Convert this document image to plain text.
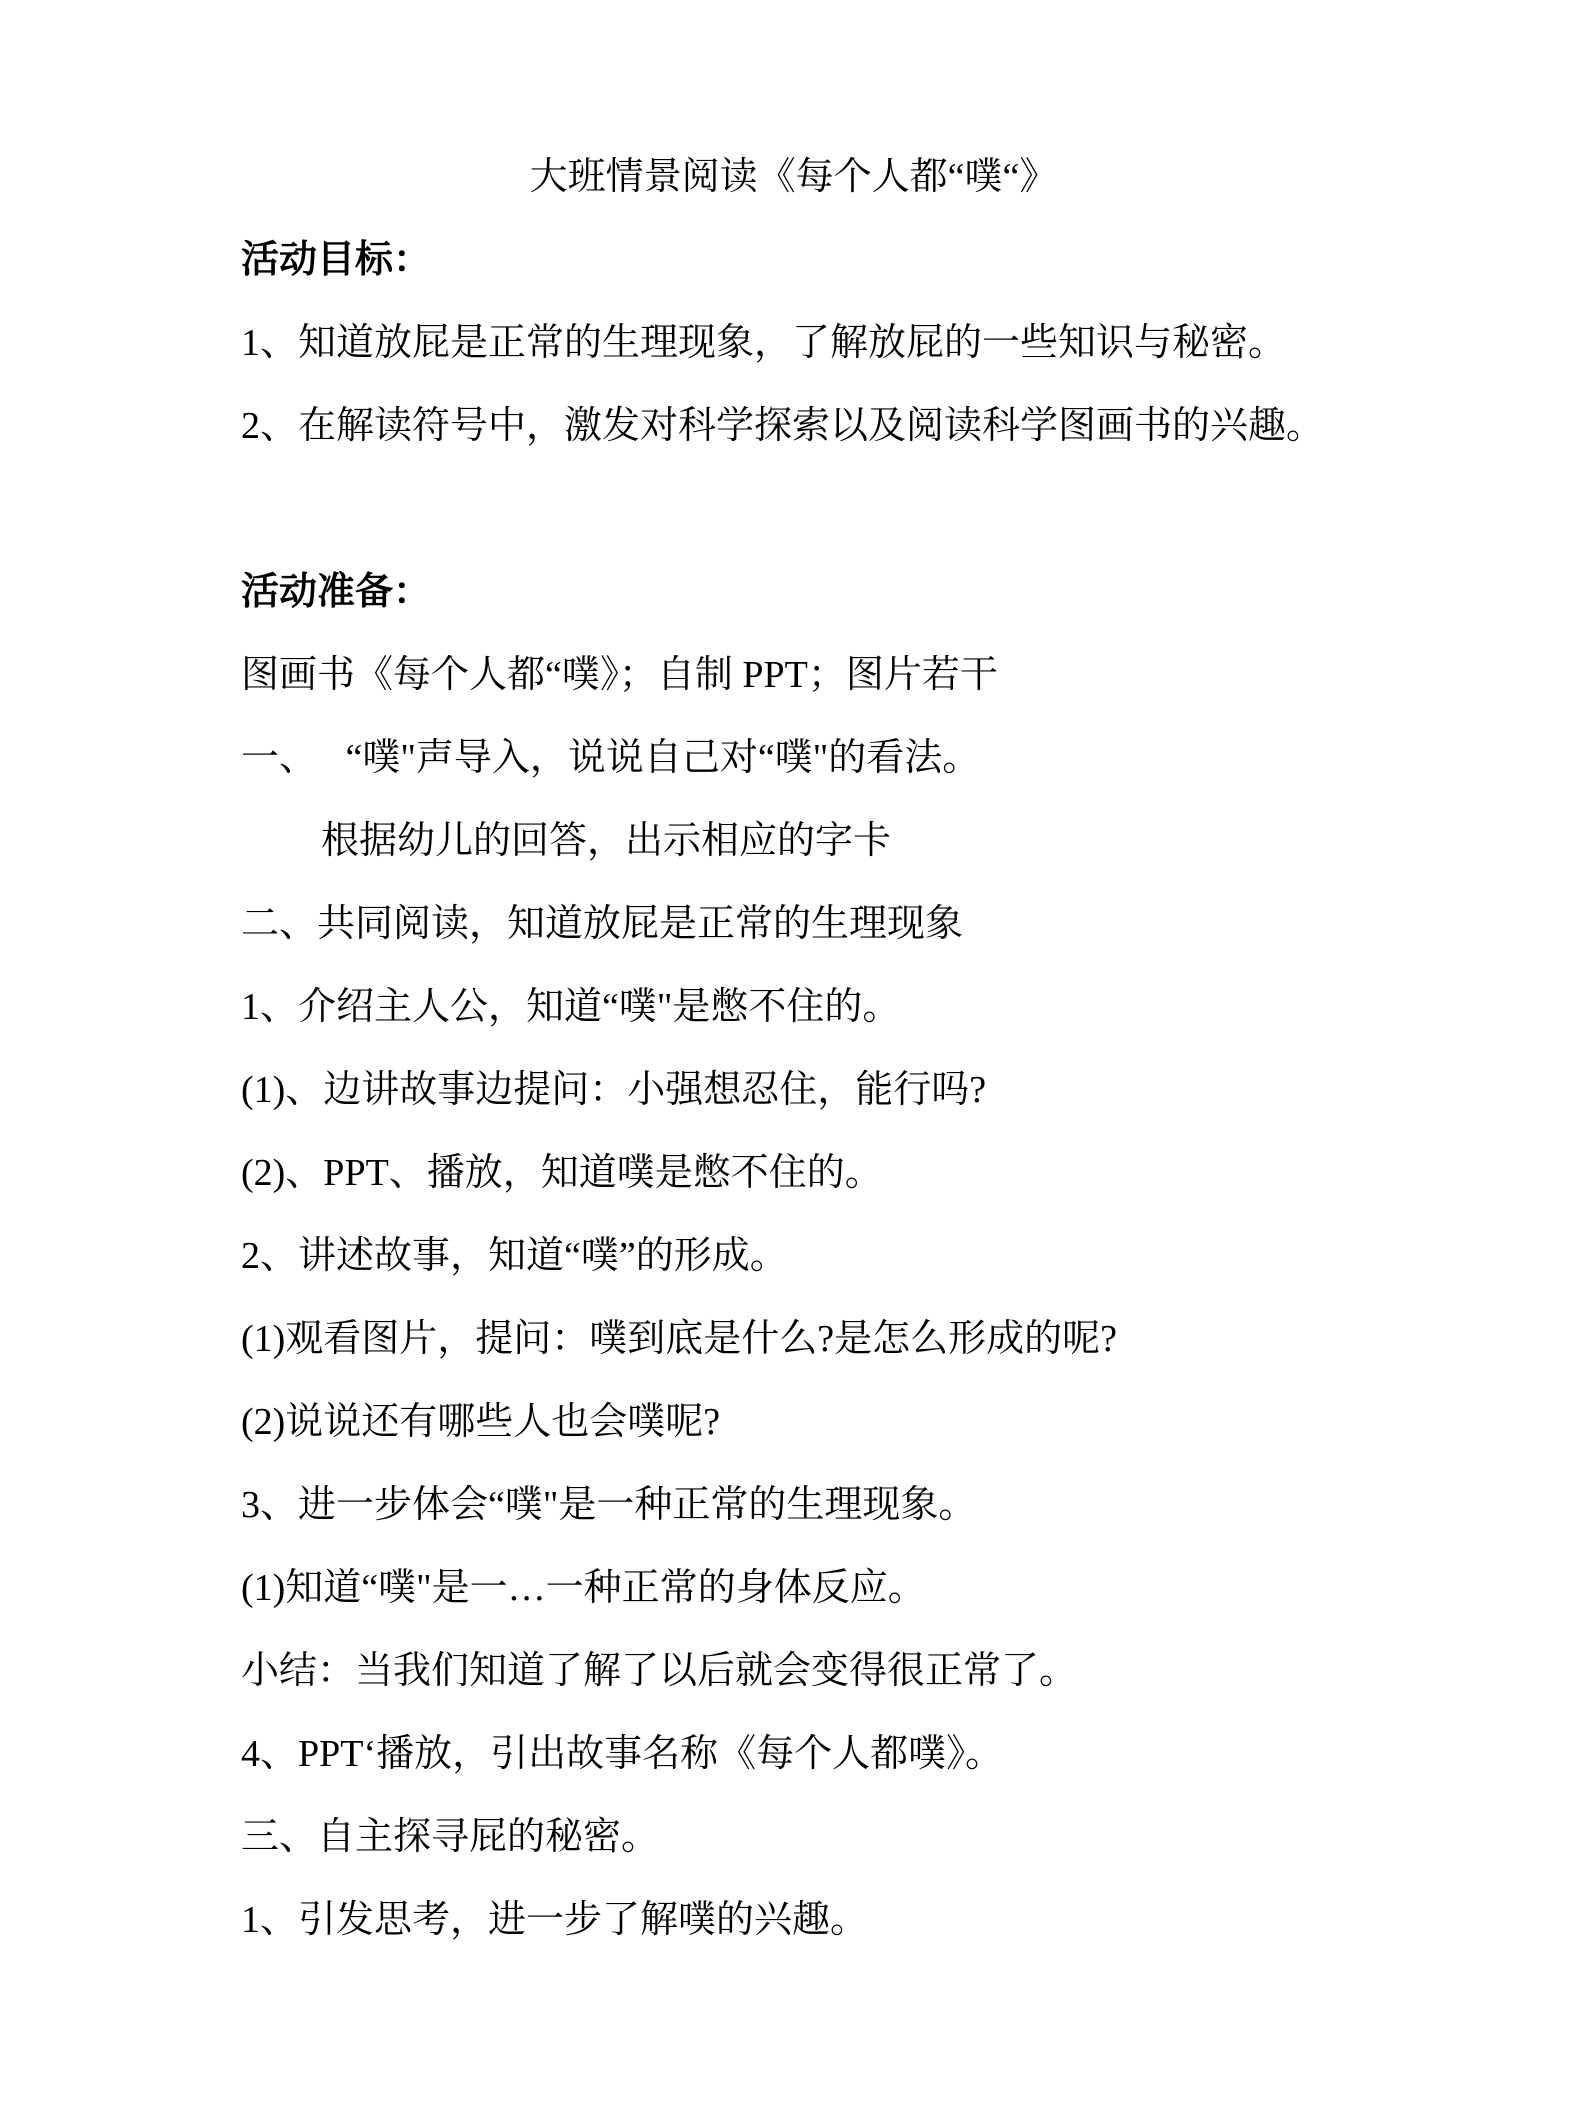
大班情景阅读《每个人都“噗“》
活动目标：
1、知道放屁是正常的生理现象，了解放屁的一些知识与秘密。
2、在解读符号中，激发对科学探索以及阅读科学图画书的兴趣。
活动准备：
图画书《每个人都“噗》；自制 PPT；图片若干
一、   “噗"声导入，说说自己对“噗"的看法。
根据幼儿的回答，出示相应的字卡
二、共同阅读，知道放屁是正常的生理现象
1、介绍主人公，知道“噗"是憋不住的。
(1)、边讲故事边提问：小强想忍住，能行吗?
(2)、PPT、播放，知道噗是憋不住的。
2、讲述故事，知道“噗”的形成。
(1)观看图片，提问：噗到底是什么?是怎么形成的呢?
(2)说说还有哪些人也会噗呢?
3、进一步体会“噗"是一种正常的生理现象。
(1)知道“噗"是一…一种正常的身体反应。
小结：当我们知道了解了以后就会变得很正常了。
4、PPT‘播放，引出故事名称《每个人都噗》。
三、自主探寻屁的秘密。
1、引发思考，进一步了解噗的兴趣。
